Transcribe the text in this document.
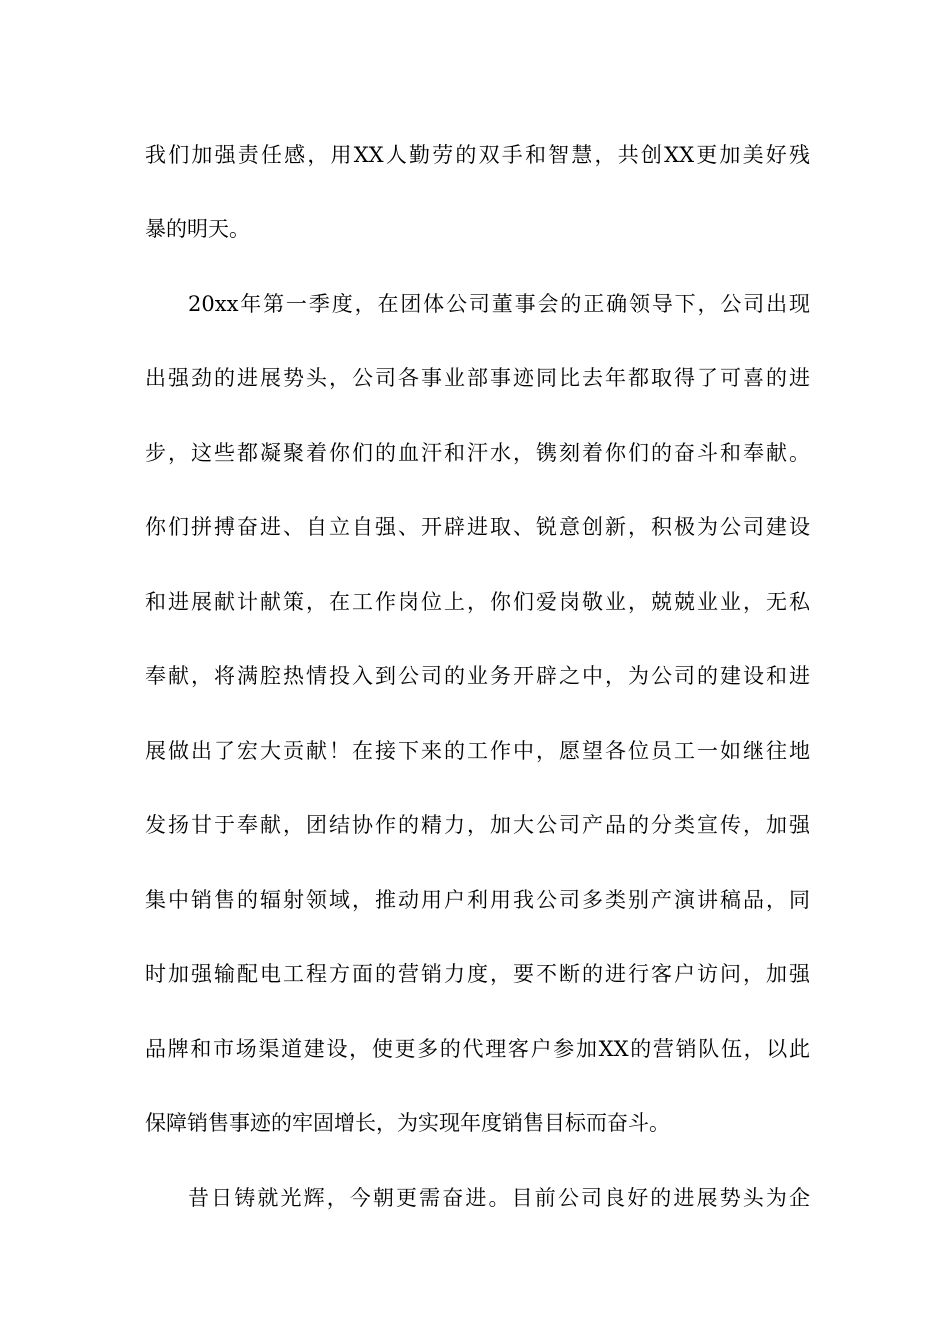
我们加强责任感，用XX人勤劳的双手和智慧，共创XX更加美好残
暴的明天。
20xx年第一季度，在团体公司董事会的正确领导下，公司出现
出强劲的进展势头，公司各事业部事迹同比去年都取得了可喜的进
步，这些都凝聚着你们的血汗和汗水，镌刻着你们的奋斗和奉献。
你们拼搏奋进、自立自强、开辟进取、锐意创新，积极为公司建设
和进展献计献策，在工作岗位上，你们爱岗敬业，兢兢业业，无私
奉献，将满腔热情投入到公司的业务开辟之中，为公司的建设和进
展做出了宏大贡献！在接下来的工作中，愿望各位员工一如继往地
发扬甘于奉献，团结协作的精力，加大公司产品的分类宣传，加强
集中销售的辐射领域，推动用户利用我公司多类别产演讲稿品，同
时加强输配电工程方面的营销力度，要不断的进行客户访问，加强
品牌和市场渠道建设，使更多的代理客户参加XX的营销队伍，以此
保障销售事迹的牢固增长，为实现年度销售目标而奋斗。
昔日铸就光辉，今朝更需奋进。目前公司良好的进展势头为企
